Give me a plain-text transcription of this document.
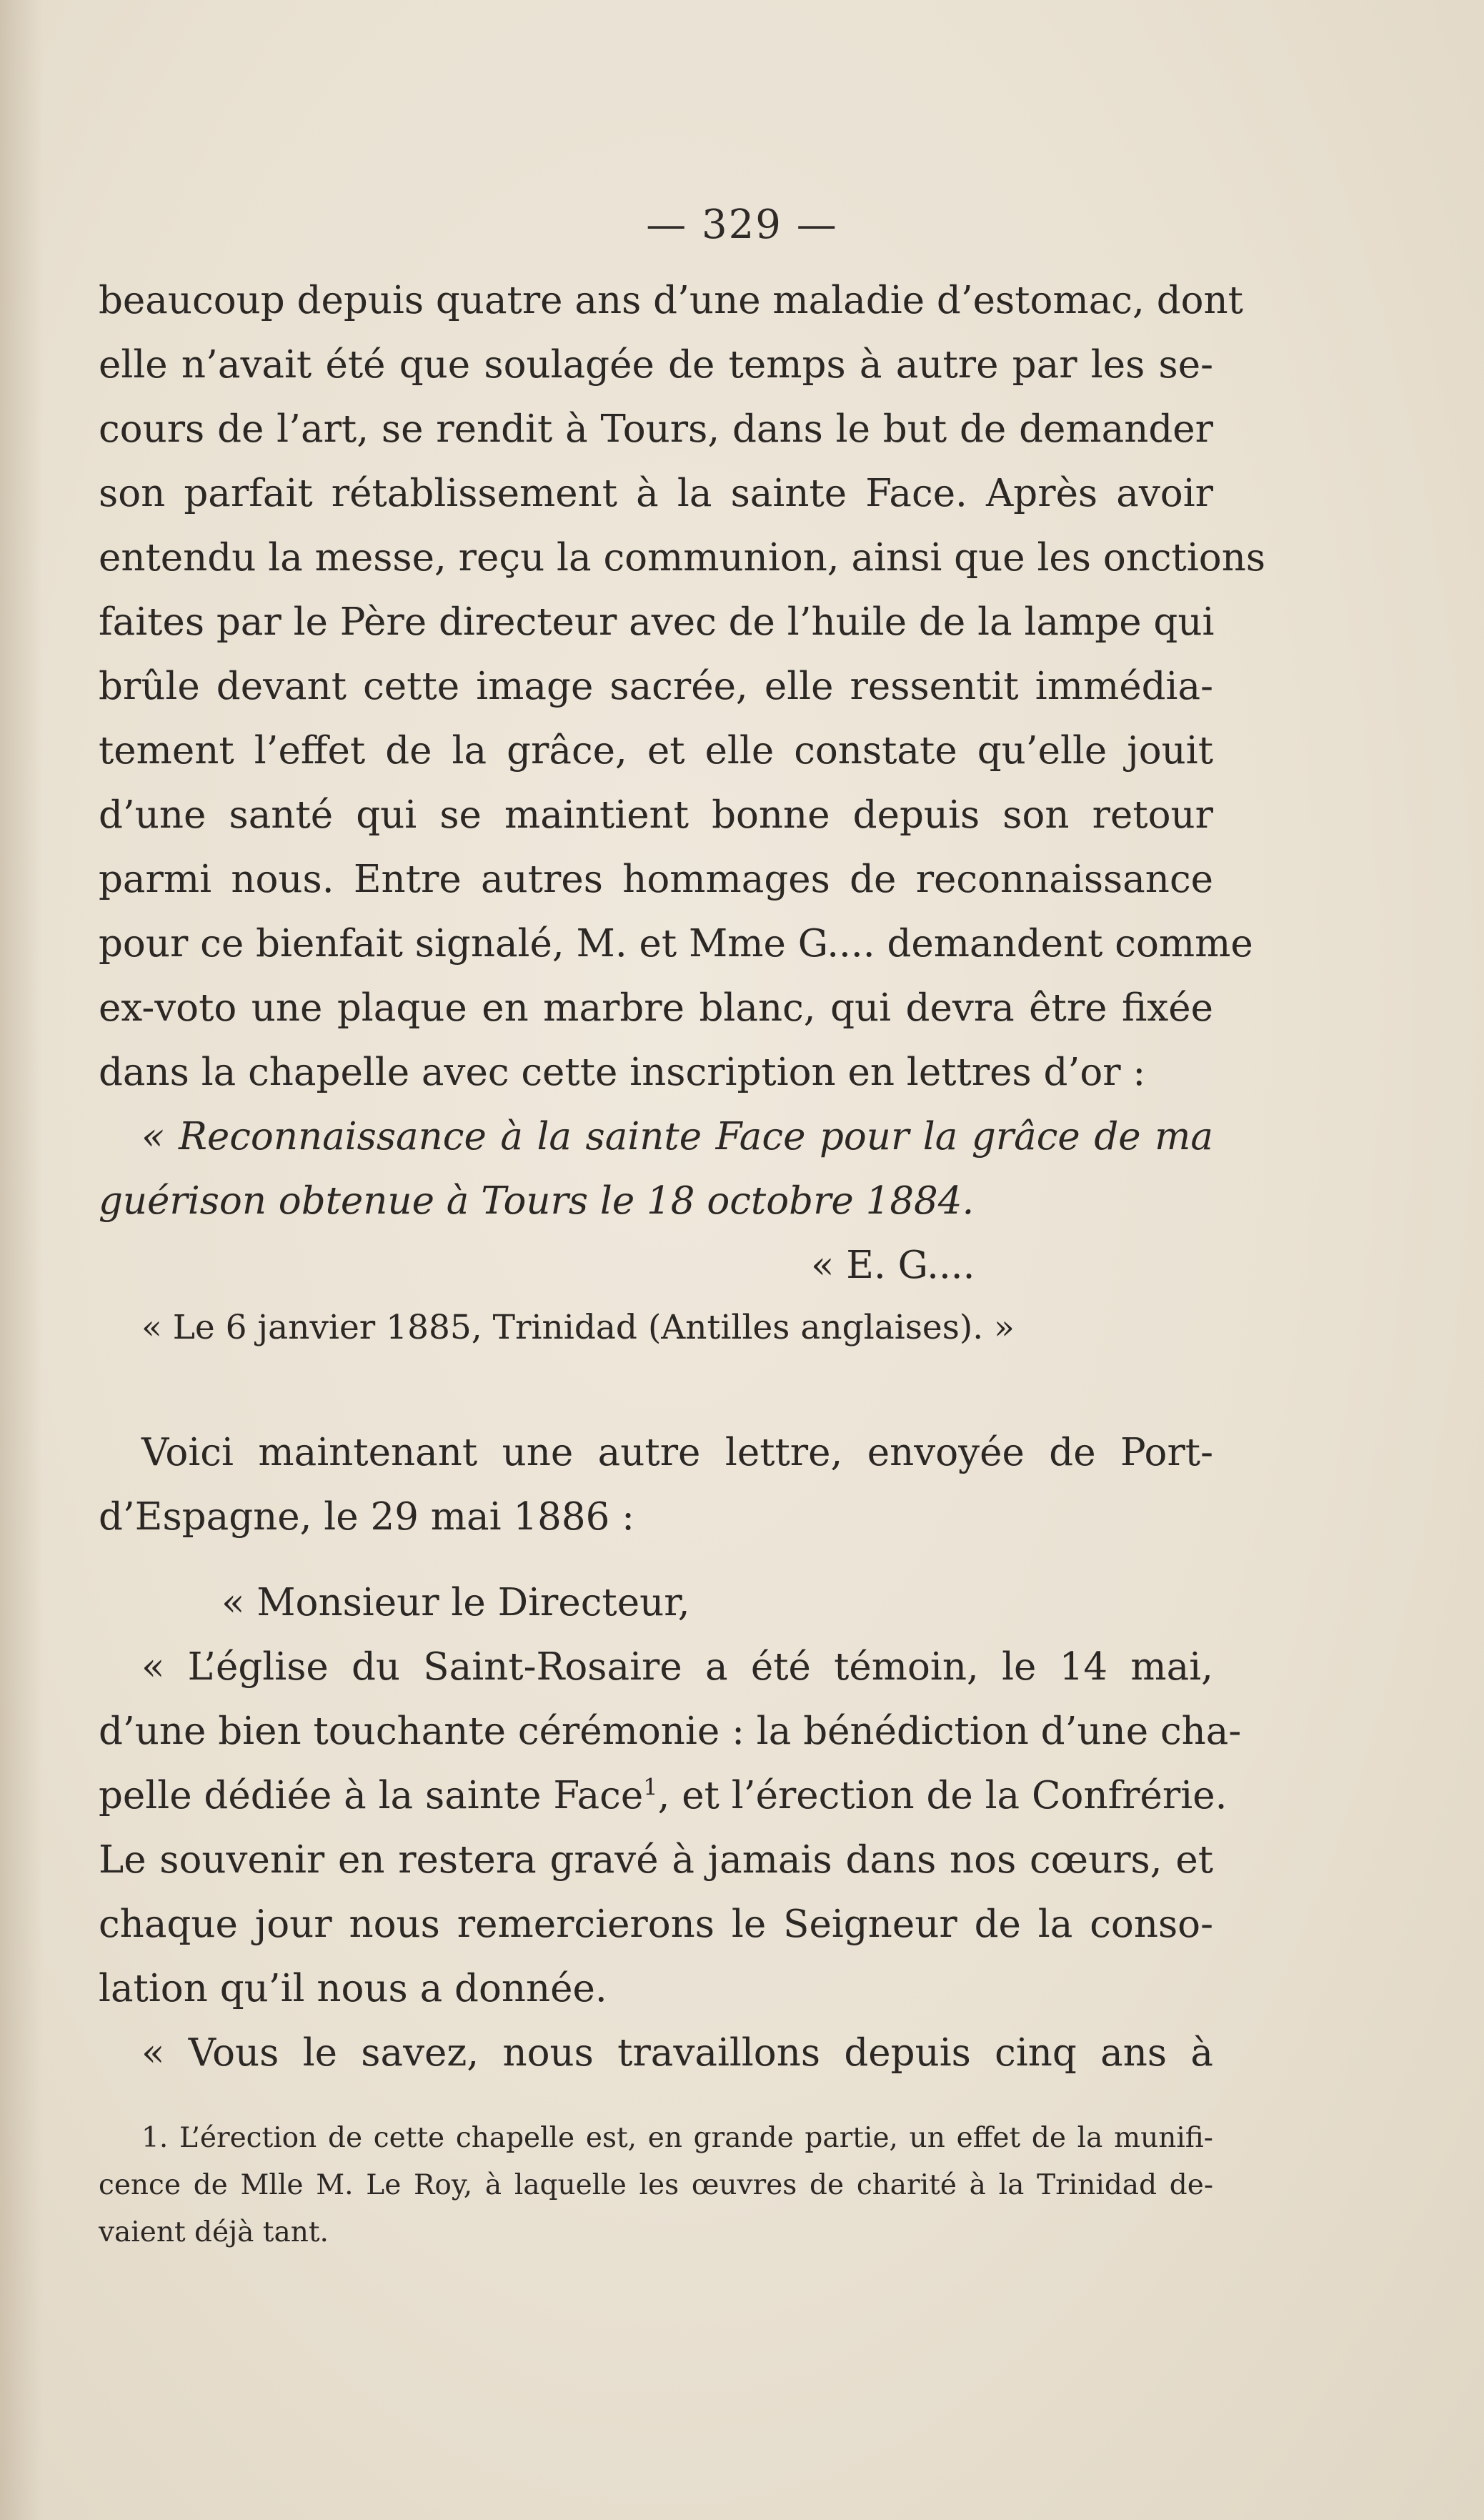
— 329 —
beaucoup depuis quatre ans d’une maladie d’estomac, dont
elle n’avait été que soulagée de temps à autre par les se-
cours de l’art, se rendit à Tours, dans le but de demander
son parfait rétablissement à la sainte Face. Après avoir
entendu la messe, reçu la communion, ainsi que les onctions
faites par le Père directeur avec de l’huile de la lampe qui
brûle devant cette image sacrée, elle ressentit immédia-
tement l’effet de la grâce, et elle constate qu’elle jouit
d’une santé qui se maintient bonne depuis son retour
parmi nous. Entre autres hommages de reconnaissance
pour ce bienfait signalé, M. et Mme G.... demandent comme
ex-voto une plaque en marbre blanc, qui devra être fixée
dans la chapelle avec cette inscription en lettres d’or :
« Reconnaissance à la sainte Face pour la grâce de ma
guérison obtenue à Tours le 18 octobre 1884.
« E. G....
« Le 6 janvier 1885, Trinidad (Antilles anglaises). »
Voici maintenant une autre lettre, envoyée de Port-
d’Espagne, le 29 mai 1886 :
« Monsieur le Directeur,
« L’église du Saint-Rosaire a été témoin, le 14 mai,
d’une bien touchante cérémonie : la bénédiction d’une cha-
pelle dédiée à la sainte Face$^1$, et l’érection de la Confrérie.
Le souvenir en restera gravé à jamais dans nos cœurs, et
chaque jour nous remercierons le Seigneur de la conso-
lation qu’il nous a donnée.
« Vous le savez, nous travaillons depuis cinq ans à
1. L’érection de cette chapelle est, en grande partie, un effet de la munifi-
cence de Mlle M. Le Roy, à laquelle les œuvres de charité à la Trinidad de-
vaient déjà tant.
